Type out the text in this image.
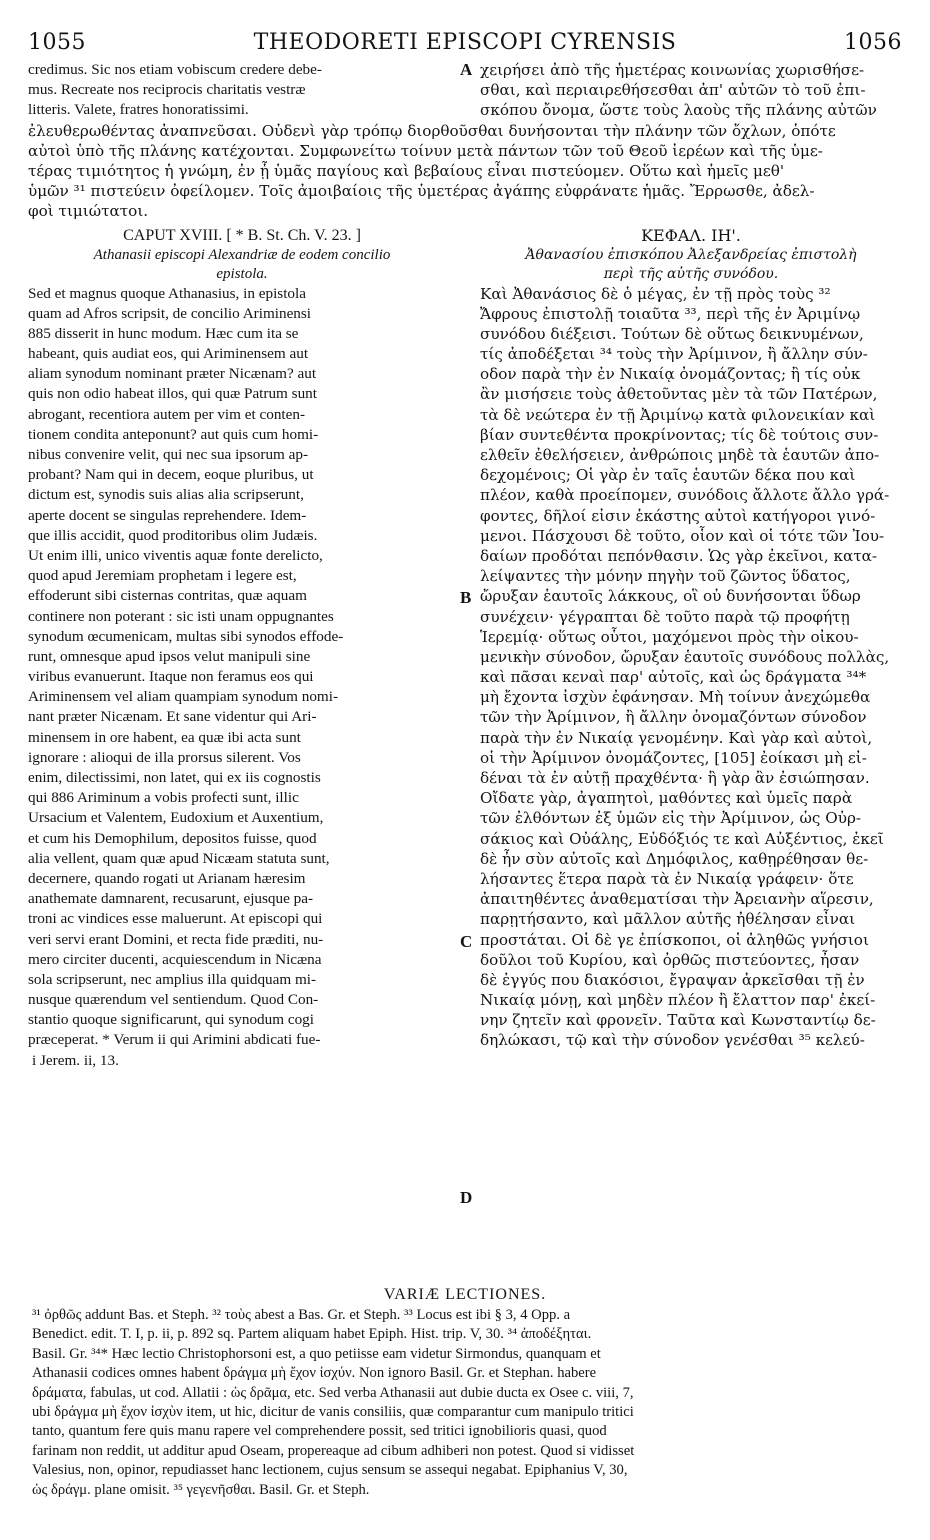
1055	THEODORETI EPISCOPI CYRENSIS	1056
credimus. Sic nos etiam vobiscum credere debe-
mus. Recreate nos reciprocis charitatis vestræ
litteris. Valete, fratres honoratissimi.
A χειρήσει ἀπὸ τῆς ἡμετέρας κοινωνίας χωρισθήσε-
σθαι, καὶ περιαιρεθήσεσθαι ἀπ' αὐτῶν τὸ τοῦ ἐπι-
σκόπου ὄνομα, ὥστε τοὺς λαοὺς τῆς πλάνης αὐτῶν
ἐλευθερωθέντας ἀναπνεῦσαι. Οὐδενὶ γὰρ τρόπῳ διορθοῦσθαι δυνήσονται τὴν πλάνην τῶν ὄχλων, ὁπότε
αὐτοὶ ὑπὸ τῆς πλάνης κατέχονται. Συμφωνείτω τοίνυν μετὰ πάντων τῶν τοῦ Θεοῦ ἱερέων καὶ τῆς ὑμε-
τέρας τιμιότητος ἡ γνώμη, ἐν ᾗ ὑμᾶς παγίους καὶ βεβαίους εἶναι πιστεύομεν. Οὕτω καὶ ἡμεῖς μεθ'
ὑμῶν ³¹ πιστεύειν ὀφείλομεν. Τοῖς ἀμοιβαίοις τῆς ὑμετέρας ἀγάπης εὐφράνατε ἡμᾶς. Ἔρρωσθε, ἀδελ-
φοὶ τιμιώτατοι.
CAPUT XVIII. [ * B. St. Ch. V. 23. ]
Athanasii episcopi Alexandriæ de eodem concilio
epistola.
Sed et magnus quoque Athanasius, in epistola
quam ad Afros scripsit, de concilio Ariminensi
885 disserit in hunc modum. Hæc cum ita se
habeant, quis audiat eos, qui Ariminensem aut
aliam synodum nominant præter Nicænam? aut
quis non odio habeat illos, qui quæ Patrum sunt
abrogant, recentiora autem per vim et conten-
tionem condita anteponunt? aut quis cum homi-
nibus convenire velit, qui nec sua ipsorum ap-
probant? Nam qui in decem, eoque pluribus, ut
dictum est, synodis suis alias alia scripserunt,
aperte docent se singulas reprehendere. Idem-
que illis accidit, quod proditoribus olim Judæis.
Ut enim illi, unico viventis aquæ fonte derelicto,
quod apud Jeremiam prophetam i legere est,
effoderunt sibi cisternas contritas, quæ aquam
continere non poterant : sic isti unam oppugnantes
synodum œcumenicam, multas sibi synodos effode-
runt, omnesque apud ipsos velut manipuli sine
viribus evanuerunt. Itaque non feramus eos qui
Ariminensem vel aliam quampiam synodum nomi-
nant præter Nicænam. Et sane videntur qui Ari-
minensem in ore habent, ea quæ ibi acta sunt
ignorare : alioqui de illa prorsus silerent. Vos
enim, dilectissimi, non latet, qui ex iis cognostis
qui 886 Ariminum a vobis profecti sunt, illic
Ursacium et Valentem, Eudoxium et Auxentium,
et cum his Demophilum, depositos fuisse, quod
alia vellent, quam quæ apud Nicæam statuta sunt,
decernere, quando rogati ut Arianam hæresim
anathemate damnarent, recusarunt, ejusque pa-
troni ac vindices esse maluerunt. At episcopi qui
veri servi erant Domini, et recta fide præditi, nu-
mero circiter ducenti, acquiescendum in Nicæna
sola scripserunt, nec amplius illa quidquam mi-
nusque quærendum vel sentiendum. Quod Con-
stantio quoque significarunt, qui synodum cogi
præceperat. * Verum ii qui Arimini abdicati fue-
i Jerem. ii, 13.
B
C
ΚΕΦΑΛ. ΙΗ'.
Ἀθανασίου ἐπισκόπου Ἀλεξανδρείας ἐπιστολὴ
περὶ τῆς αὐτῆς συνόδου.
Καὶ Ἀθανάσιος δὲ ὁ μέγας, ἐν τῇ πρὸς τοὺς ³²
Ἄφρους ἐπιστολῇ τοιαῦτα ³³, περὶ τῆς ἐν Ἀριμίνῳ
συνόδου διέξεισι. Τούτων δὲ οὕτως δεικνυμένων,
τίς ἀποδέξεται ³⁴ τοὺς τὴν Ἀρίμινον, ἢ ἄλλην σύν-
οδον παρὰ τὴν ἐν Νικαίᾳ ὀνομάζοντας; ἢ τίς οὐκ
ἂν μισήσειε τοὺς ἀθετοῦντας μὲν τὰ τῶν Πατέρων,
τὰ δὲ νεώτερα ἐν τῇ Ἀριμίνῳ κατὰ φιλονεικίαν καὶ
βίαν συντεθέντα προκρίνοντας; τίς δὲ τούτοις συν-
ελθεῖν ἐθελήσειεν, ἀνθρώποις μηδὲ τὰ ἑαυτῶν ἀπο-
δεχομένοις; Οἱ γὰρ ἐν ταῖς ἑαυτῶν δέκα που καὶ
πλέον, καθὰ προείπομεν, συνόδοις ἄλλοτε ἄλλο γρά-
φοντες, δῆλοί εἰσιν ἑκάστης αὐτοὶ κατήγοροι γινό-
μενοι. Πάσχουσι δὲ τοῦτο, οἷον καὶ οἱ τότε τῶν Ἰου-
δαίων προδόται πεπόνθασιν. Ὡς γὰρ ἐκεῖνοι, κατα-
λείψαντες τὴν μόνην πηγὴν τοῦ ζῶντος ὕδατος,
ὤρυξαν ἑαυτοῖς λάκκους, οἳ οὐ δυνήσονται ὕδωρ
συνέχειν· γέγραπται δὲ τοῦτο παρὰ τῷ προφήτῃ
Ἱερεμίᾳ· οὕτως οὗτοι, μαχόμενοι πρὸς τὴν οἰκου-
μενικὴν σύνοδον, ὤρυξαν ἑαυτοῖς συνόδους πολλὰς,
καὶ πᾶσαι κεναὶ παρ' αὐτοῖς, καὶ ὡς δράγματα ³⁴*
μὴ ἔχοντα ἰσχὺν ἐφάνησαν. Μὴ τοίνυν ἀνεχώμεθα
τῶν τὴν Ἀρίμινον, ἢ ἄλλην ὀνομαζόντων σύνοδον
παρὰ τὴν ἐν Νικαίᾳ γενομένην. Καὶ γὰρ καὶ αὐτοὶ,
οἱ τὴν Ἀρίμινον ὀνομάζοντες, [105] ἐοίκασι μὴ εἰ-
δέναι τὰ ἐν αὐτῇ πραχθέντα· ἢ γὰρ ἂν ἐσιώπησαν.
Οἴδατε γὰρ, ἀγαπητοὶ, μαθόντες καὶ ὑμεῖς παρὰ
τῶν ἐλθόντων ἐξ ὑμῶν εἰς τὴν Ἀρίμινον, ὡς Οὐρ-
σάκιος καὶ Οὐάλης, Εὐδόξιός τε καὶ Αὐξέντιος, ἐκεῖ
δὲ ἦν σὺν αὐτοῖς καὶ Δημόφιλος, καθῃρέθησαν θε-
λήσαντες ἕτερα παρὰ τὰ ἐν Νικαίᾳ γράφειν· ὅτε
ἀπαιτηθέντες ἀναθεματίσαι τὴν Ἀρειανὴν αἵρεσιν,
παρῃτήσαντο, καὶ μᾶλλον αὐτῆς ἠθέλησαν εἶναι
προστάται. Οἱ δὲ γε ἐπίσκοποι, οἱ ἀληθῶς γνήσιοι
δοῦλοι τοῦ Κυρίου, καὶ ὀρθῶς πιστεύοντες, ἦσαν
δὲ ἐγγύς που διακόσιοι, ἔγραψαν ἀρκεῖσθαι τῇ ἐν
Νικαίᾳ μόνῃ, καὶ μηδὲν πλέον ἢ ἔλαττον παρ' ἐκεί-
νην ζητεῖν καὶ φρονεῖν. Ταῦτα καὶ Κωνσταντίῳ δε-
δηλώκασι, τῷ καὶ τὴν σύνοδον γενέσθαι ³⁵ κελεύ-
D
VARIÆ LECTIONES.
³¹ ὀρθῶς addunt Bas. et Steph. ³² τοὺς abest a Bas. Gr. et Steph. ³³ Locus est ibi § 3, 4 Opp. a
Benedict. edit. T. I, p. ii, p. 892 sq. Partem aliquam habet Epiph. Hist. trip. V, 30. ³⁴ ἀποδέξηται.
Basil. Gr. ³⁴* Hæc lectio Christophorsoni est, a quo petiisse eam videtur Sirmondus, quanquam et
Athanasii codices omnes habent δράγμα μὴ ἔχον ἰσχύν. Non ignoro Basil. Gr. et Stephan. habere
δράματα, fabulas, ut cod. Allatii : ὡς δρᾶμα, etc. Sed verba Athanasii aut dubie ducta ex Osee c. viii, 7,
ubi δράγμα μὴ ἔχον ἰσχὺν item, ut hic, dicitur de vanis consiliis, quæ comparantur cum manipulo tritici
tanto, quantum fere quis manu rapere vel comprehendere possit, sed tritici ignobilioris quasi, quod
farinam non reddit, ut additur apud Oseam, propereaque ad cibum adhiberi non potest. Quod si vidisset
Valesius, non, opinor, repudiasset hanc lectionem, cujus sensum se assequi negabat. Epiphanius V, 30,
ὡς δράγμ. plane omisit. ³⁵ γεγενῆσθαι. Basil. Gr. et Steph.
